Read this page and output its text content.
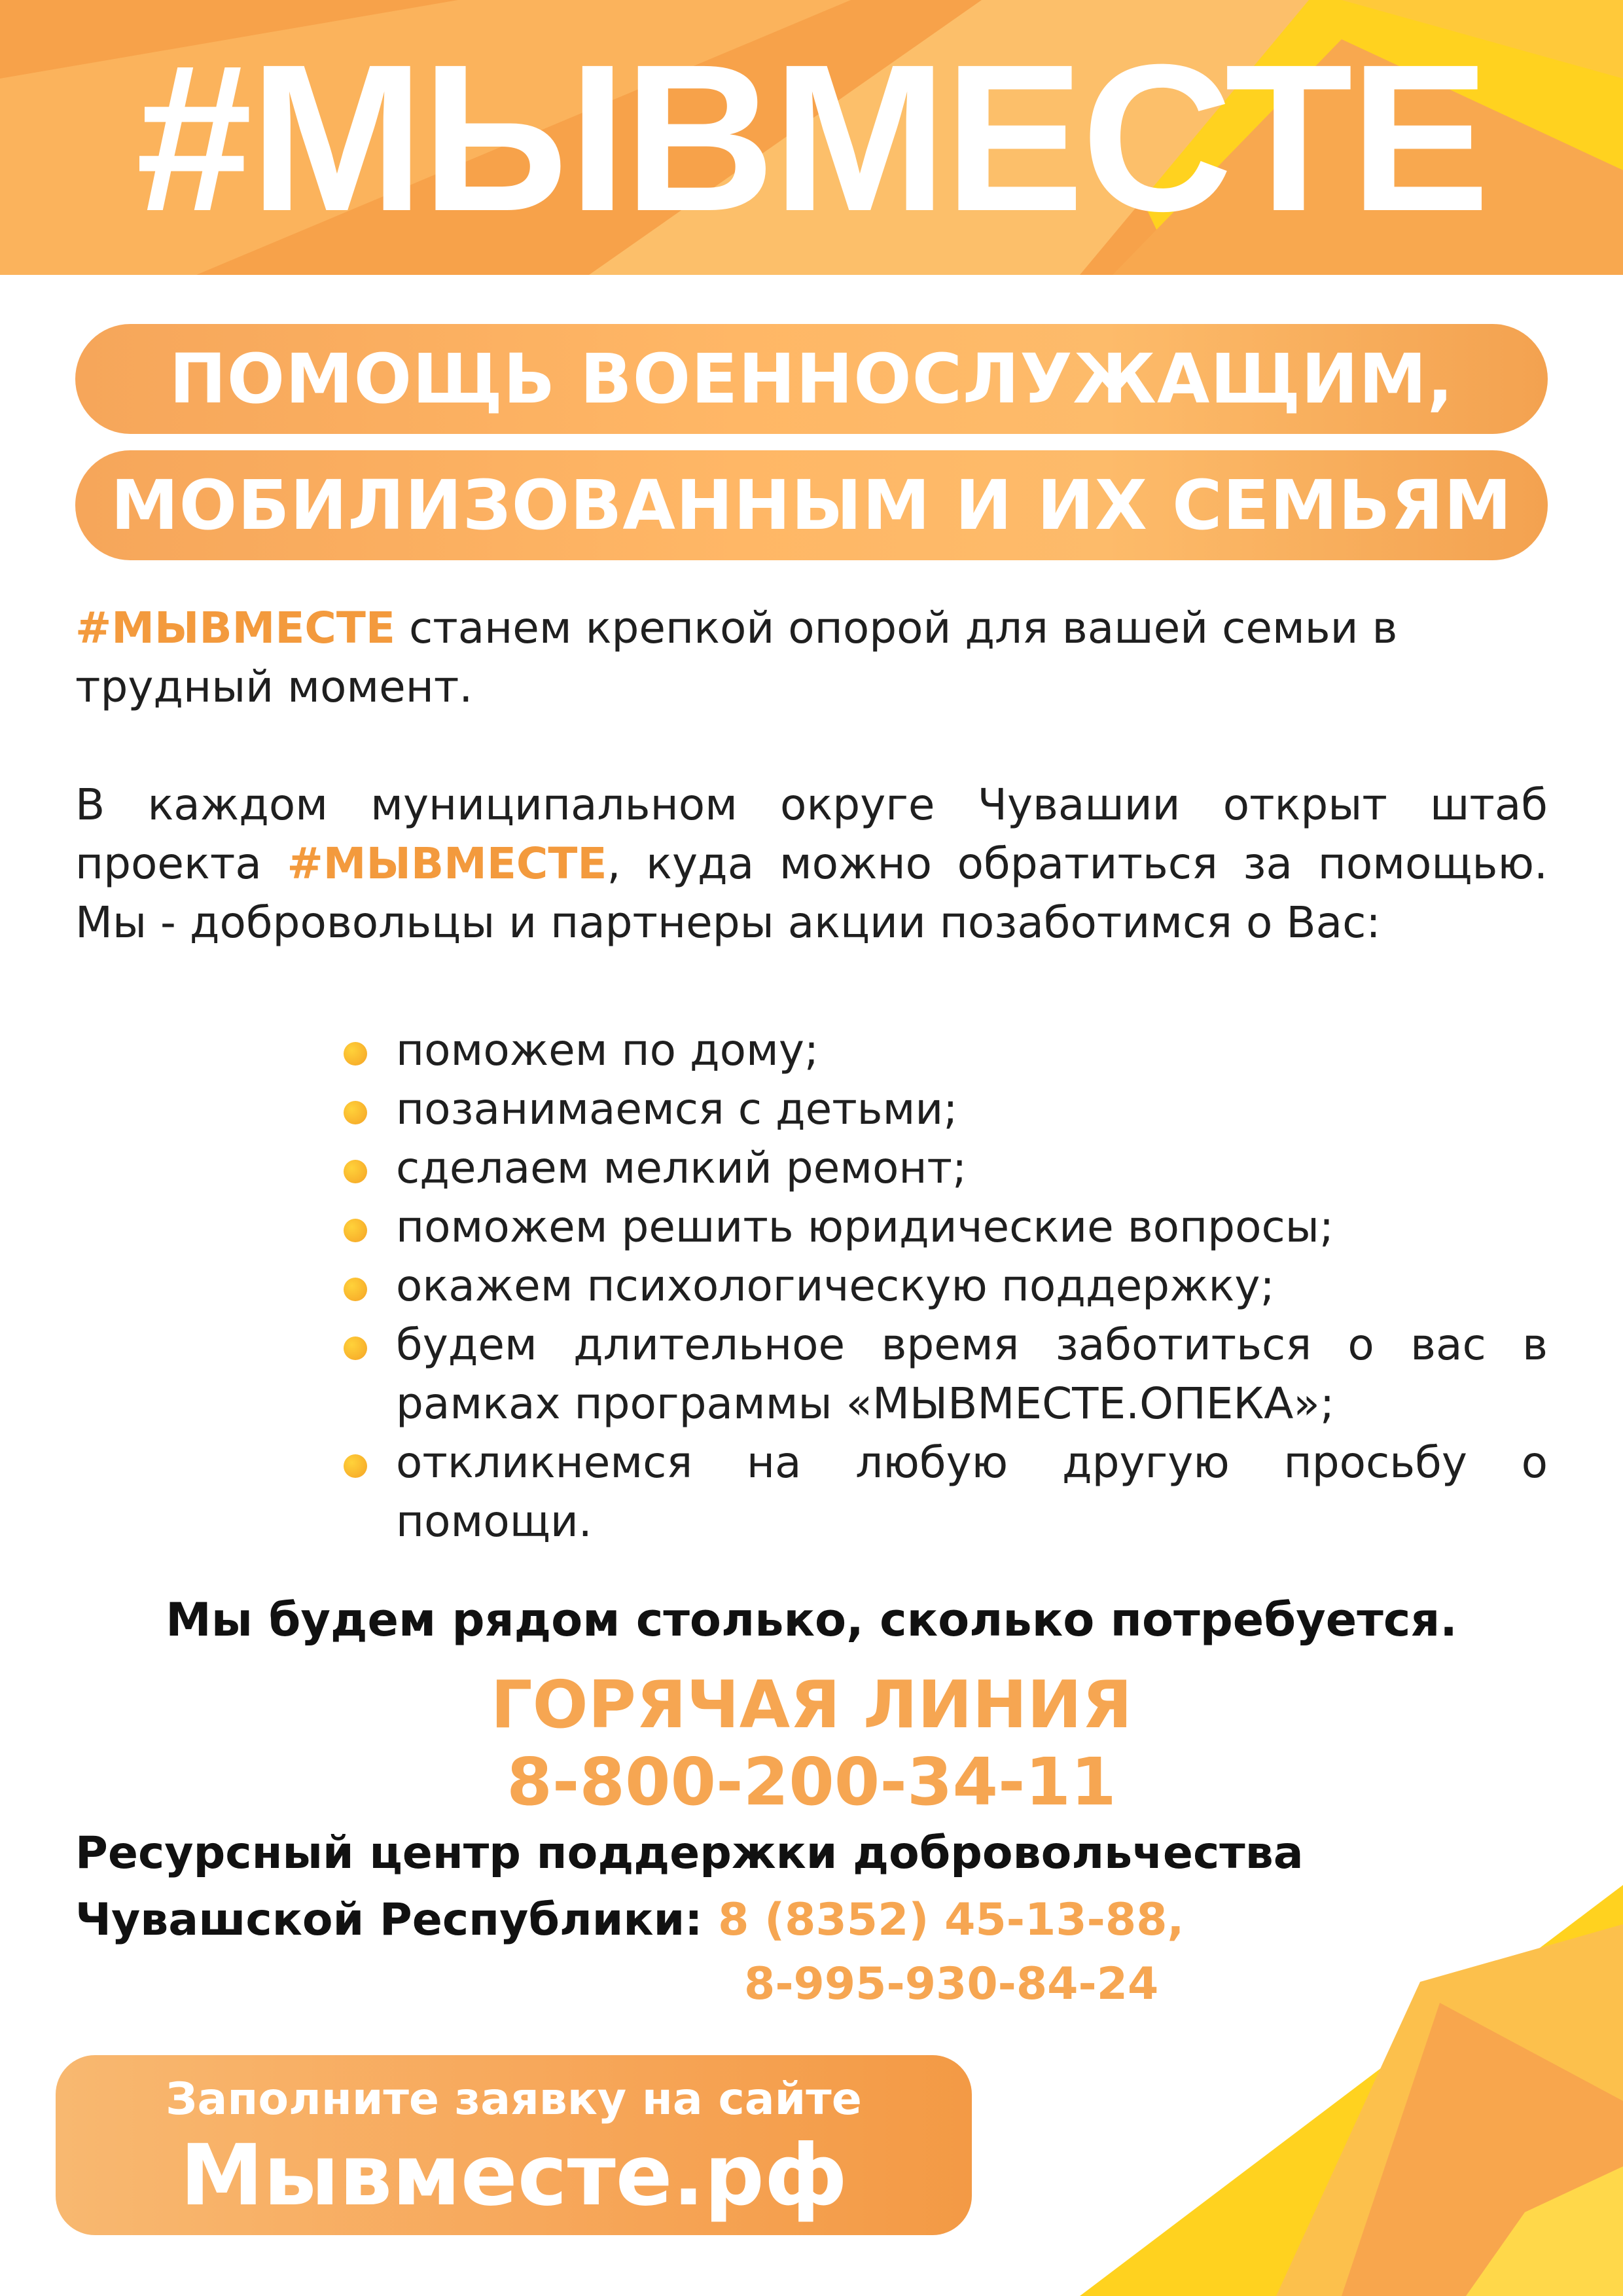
#МЫВМЕСТЕ
ПОМОЩЬ ВОЕННОСЛУЖАЩИМ,
МОБИЛИЗОВАННЫМ И ИХ СЕМЬЯМ
#МЫВМЕСТЕ станем крепкой опорой для вашей семьи в трудный момент.
В каждом муниципальном округе Чувашии открыт штаб проекта #МЫВМЕСТЕ, куда можно обратиться за помощью. Мы - добровольцы и партнеры акции позаботимся о Вас:
поможем по дому;
позанимаемся с детьми;
сделаем мелкий ремонт;
поможем решить юридические вопросы;
окажем психологическую поддержку;
будем длительное время заботиться о вас в рамках программы «МЫВМЕСТЕ.ОПЕКА»;
откликнемся на любую другую просьбу о помощи.
Мы будем рядом столько, сколько потребуется.
ГОРЯЧАЯ ЛИНИЯ
8-800-200-34-11
Ресурсный центр поддержки добровольчества
Чувашской Республики: 8 (8352) 45-13-88,
8-995-930-84-24
Заполните заявку на сайте
Мывместе.рф
